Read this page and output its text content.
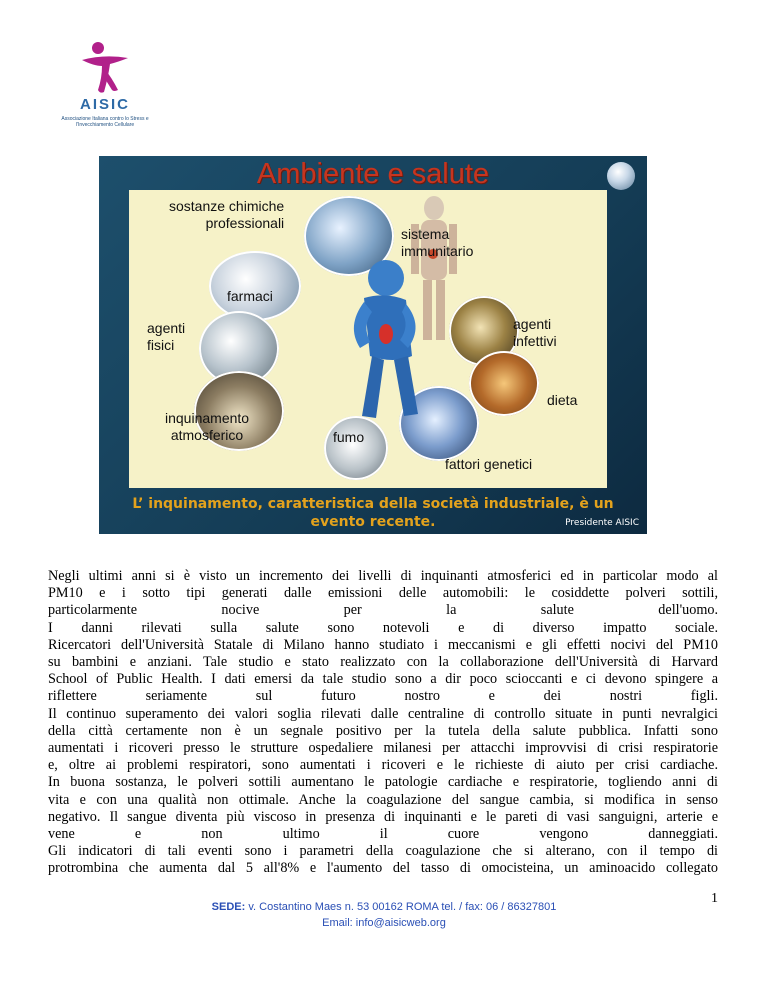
AISIC
Associazione Italiana contro lo Stress e l'Invecchiamento Cellulare
Ambiente e salute
sostanze chimiche
professionali
sistema
immunitario
farmaci
agenti
fisici
agenti
infettivi
dieta
inquinamento
atmosferico	fumo
fattori genetici
L’ inquinamento, caratteristica della società industriale, è un
evento recente.	Presidente AISIC

Negli ultimi anni si è visto un incremento dei livelli di inquinanti atmosferici ed in particolar modo al

PM10 e i sotto tipi generati dalle emissioni delle automobili: le cosiddette polveri sottili,

particolarmente nocive per la salute dell'uomo.

I danni rilevati sulla salute sono notevoli e di diverso impatto sociale.

Ricercatori dell'Università Statale di Milano hanno studiato i meccanismi e gli effetti nocivi del PM10

su bambini e anziani. Tale studio e stato realizzato con la collaborazione dell'Università di Harvard

School of Public Health. I dati emersi da tale studio sono a dir poco scioccanti e ci devono spingere a

riflettere seriamente sul futuro nostro e dei nostri figli.

Il continuo superamento dei valori soglia rilevati dalle centraline di controllo situate in punti nevralgici

della città certamente non è un segnale positivo per la tutela della salute pubblica. Infatti sono

aumentati i ricoveri presso le strutture ospedaliere milanesi per attacchi improvvisi di crisi respiratorie

e, oltre ai problemi respiratori, sono aumentati i ricoveri e le richieste di aiuto per crisi cardiache.

In buona sostanza, le polveri sottili aumentano le patologie cardiache e respiratorie, togliendo anni di

vita e con una qualità non ottimale. Anche la coagulazione del sangue cambia, si modifica in senso

negativo. Il sangue diventa più viscoso in presenza di inquinanti e le pareti di vasi sanguigni, arterie e

vene e non ultimo il cuore vengono danneggiati.

Gli indicatori di tali eventi sono i parametri della coagulazione che si alterano, con il tempo di

protrombina che aumenta dal 5 all'8% e l'aumento del tasso di omocisteina, un aminoacido collegato

1
SEDE: v. Costantino Maes n. 53 00162 ROMA tel. / fax: 06 / 86327801
Email: info@aisicweb.org
